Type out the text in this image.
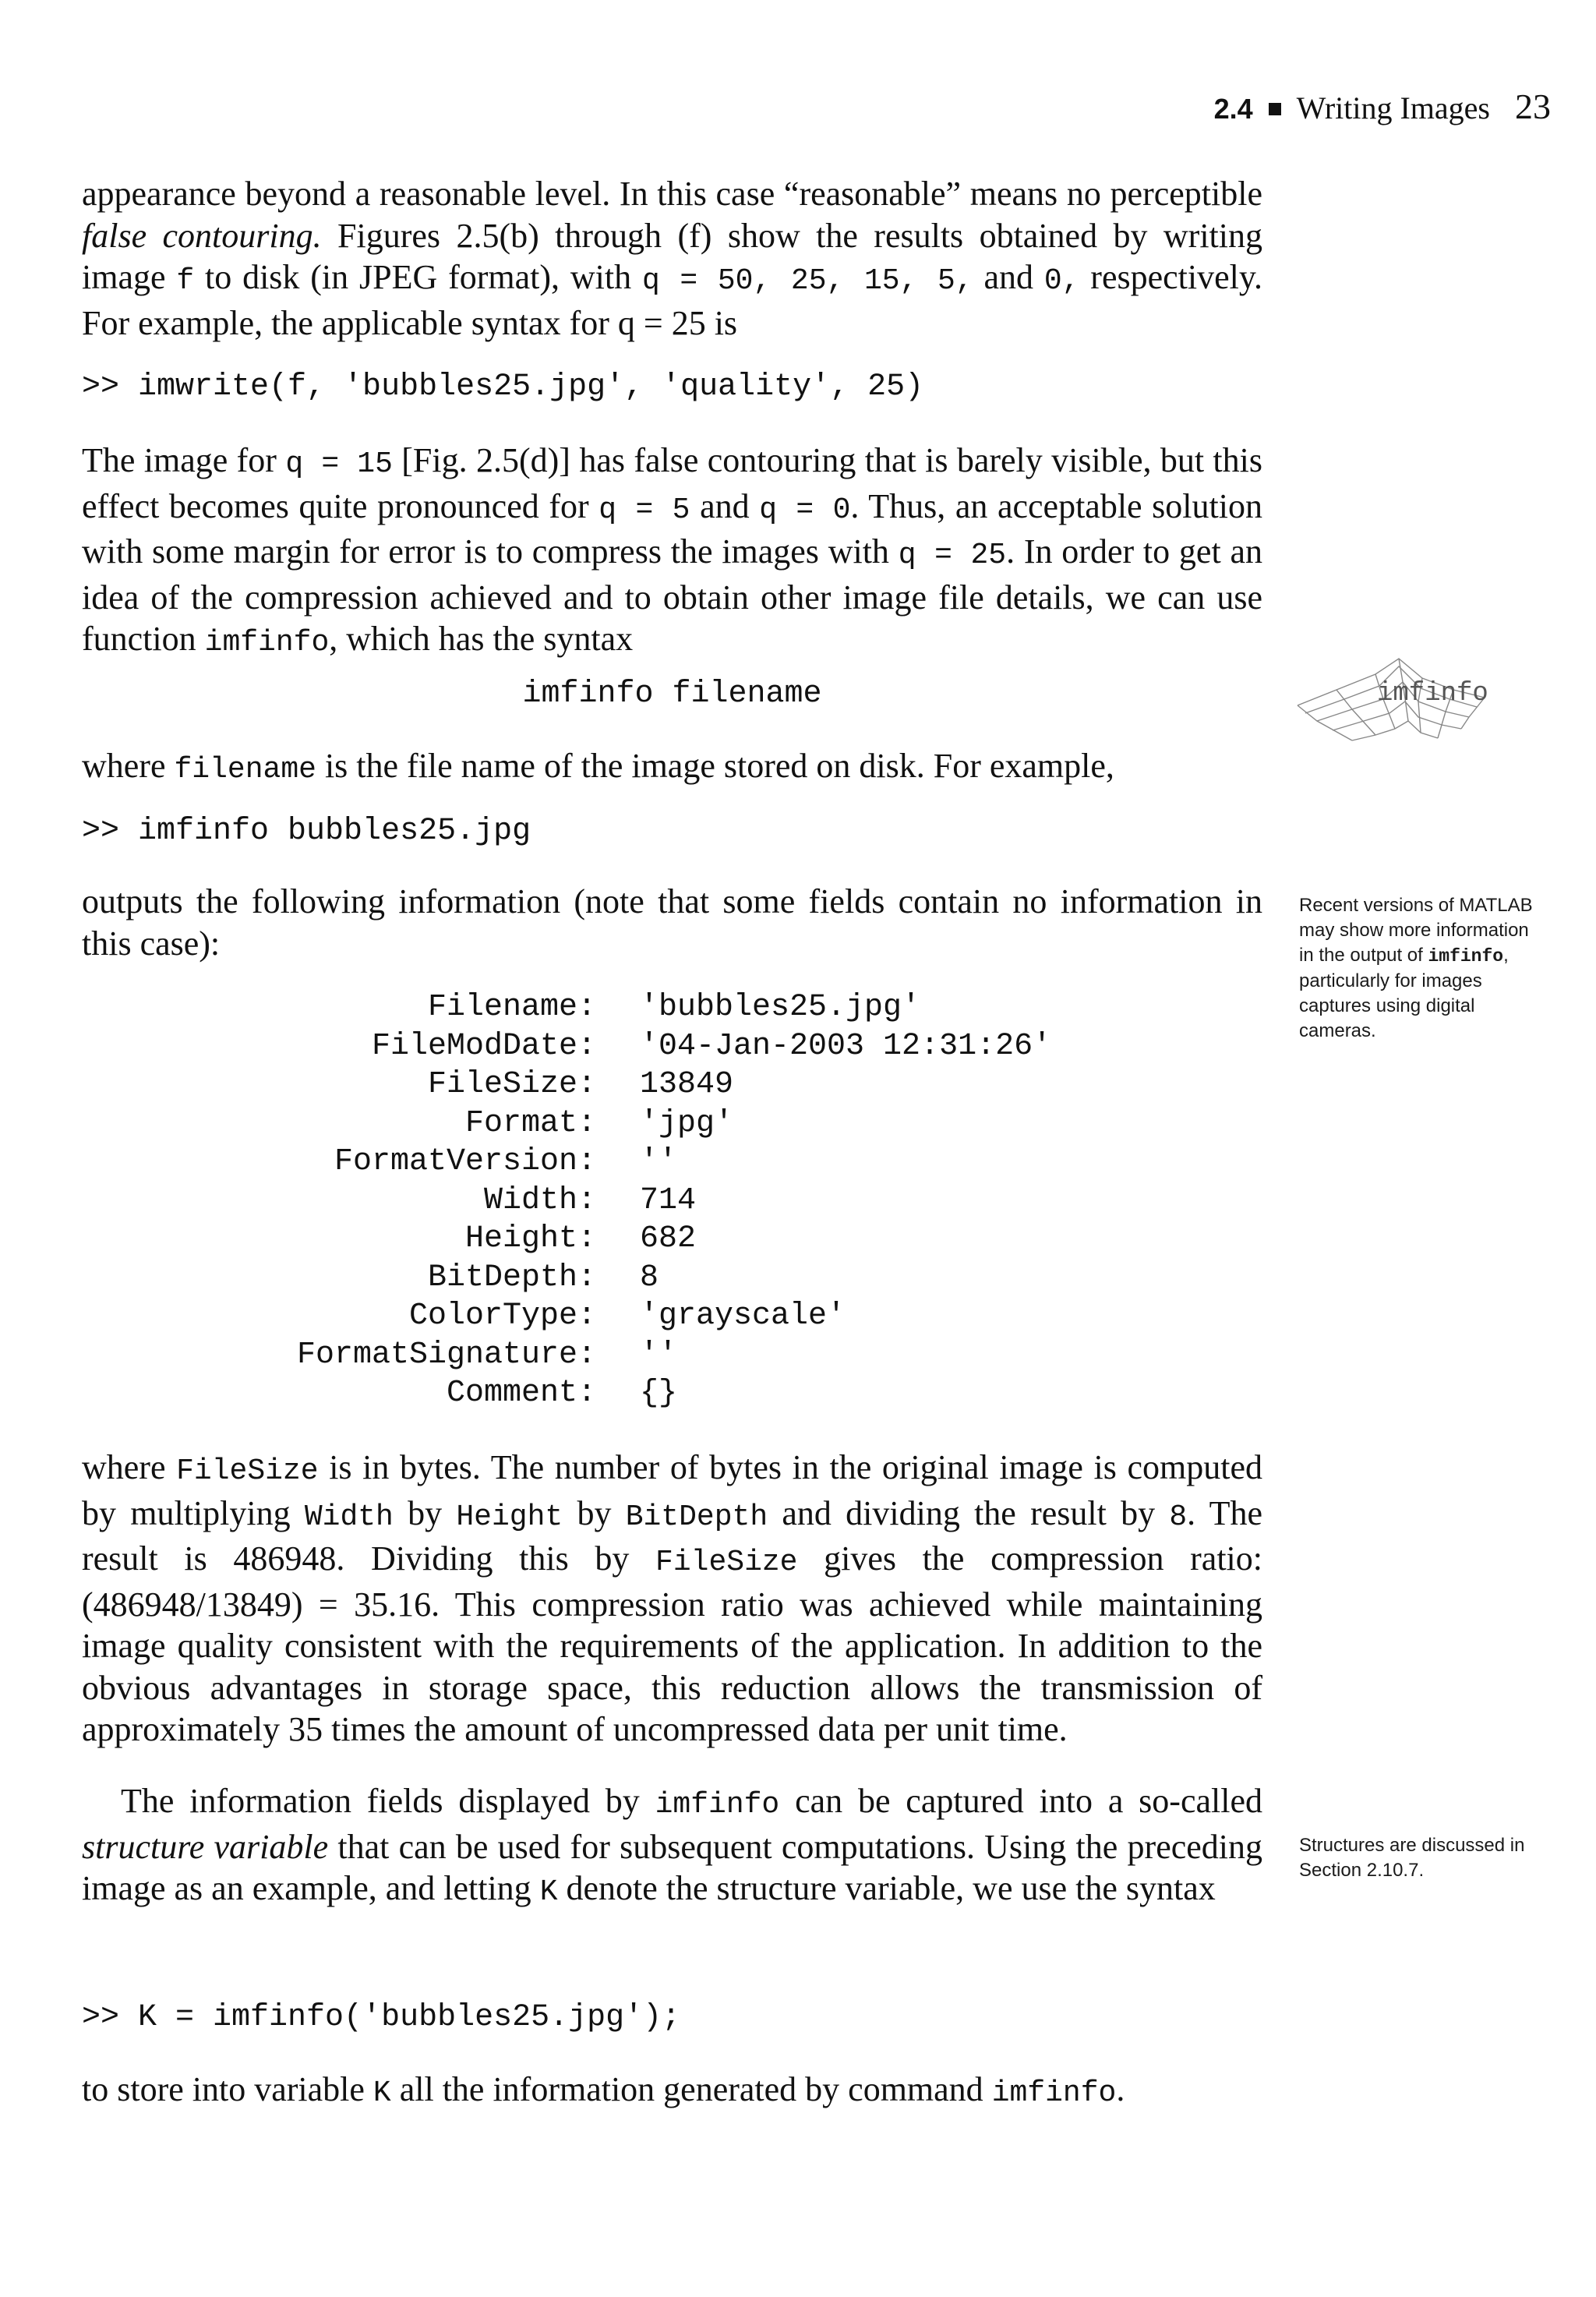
2.4 Writing Images 23

appearance beyond a reasonable level. In this case “reasonable” means no perceptible false contouring. Figures 2.5(b) through (f) show the results obtained by writing image f to disk (in JPEG format), with q = 50, 25, 15, 5, and 0, respectively. For example, the applicable syntax for q = 25 is

>> imwrite(f, 'bubbles25.jpg', 'quality', 25)

The image for q = 15 [Fig. 2.5(d)] has false contouring that is barely visible, but this effect becomes quite pronounced for q = 5 and q = 0. Thus, an acceptable solution with some margin for error is to compress the images with q = 25. In order to get an idea of the compression achieved and to obtain other image file details, we can use function imfinfo, which has the syntax

imfinfo filename

where filename is the file name of the image stored on disk. For example,

>> imfinfo bubbles25.jpg

outputs the following information (note that some fields contain no information in this case):

Filename:	'bubbles25.jpg'
FileModDate:	'04-Jan-2003 12:31:26'
FileSize:	13849
Format:	'jpg'
FormatVersion:	''
Width:	714
Height:	682
BitDepth:	8
ColorType:	'grayscale'
FormatSignature:	''
Comment:	{}

where FileSize is in bytes. The number of bytes in the original image is computed by multiplying Width by Height by BitDepth and dividing the result by 8. The result is 486948. Dividing this by FileSize gives the compression ratio: (486948/13849) = 35.16. This compression ratio was achieved while maintaining image quality consistent with the requirements of the application. In addition to the obvious advantages in storage space, this reduction allows the transmission of approximately 35 times the amount of uncompressed data per unit time.

The information fields displayed by imfinfo can be captured into a so-called structure variable that can be used for subsequent computations. Using the preceding image as an example, and letting K denote the structure variable, we use the syntax

>> K = imfinfo('bubbles25.jpg');

to store into variable K all the information generated by command imfinfo.

imfinfo
Recent versions of MATLAB may show more information in the output of imfinfo, particularly for images captures using digital cameras.
Structures are discussed in Section 2.10.7.
